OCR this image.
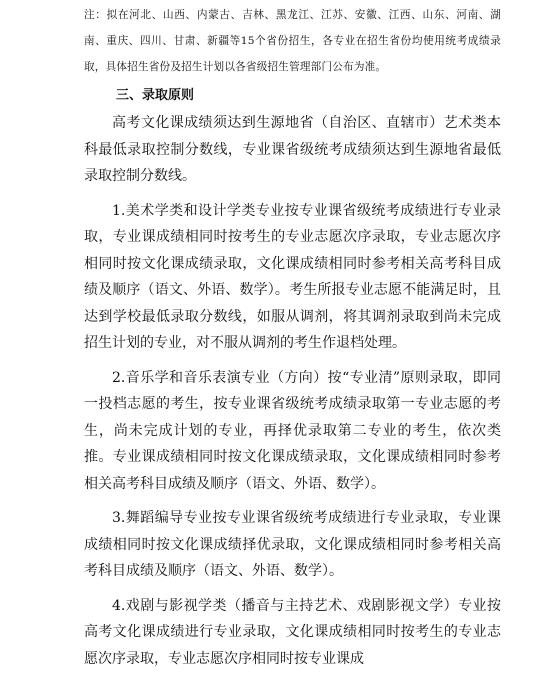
注：拟在河北、山西、内蒙古、吉林、黑龙江、江苏、安徽、江西、山东、河南、湖南、重庆、四川、甘肃、新疆等15个省份招生，各专业在招生省份均使用统考成绩录取，具体招生省份及招生计划以各省级招生管理部门公布为准。
三、录取原则

高考文化课成绩须达到生源地省（自治区、直辖市）艺术类本科最低录取控制分数线，专业课省级统考成绩须达到生源地省最低录取控制分数线。

1.美术学类和设计学类专业按专业课省级统考成绩进行专业录取，专业课成绩相同时按考生的专业志愿次序录取，专业志愿次序相同时按文化课成绩录取，文化课成绩相同时参考相关高考科目成绩及顺序（语文、外语、数学）。考生所报专业志愿不能满足时，且达到学校最低录取分数线，如服从调剂，将其调剂录取到尚未完成招生计划的专业，对不服从调剂的考生作退档处理。

2.音乐学和音乐表演专业（方向）按“专业清”原则录取，即同一投档志愿的考生，按专业课省级统考成绩录取第一专业志愿的考生，尚未完成计划的专业，再择优录取第二专业的考生，依次类推。专业课成绩相同时按文化课成绩录取，文化课成绩相同时参考相关高考科目成绩及顺序（语文、外语、数学）。

3.舞蹈编导专业按专业课省级统考成绩进行专业录取，专业课成绩相同时按文化课成绩择优录取，文化课成绩相同时参考相关高考科目成绩及顺序（语文、外语、数学）。

4.戏剧与影视学类（播音与主持艺术、戏剧影视文学）专业按高考文化课成绩进行专业录取，文化课成绩相同时按考生的专业志愿次序录取，专业志愿次序相同时按专业课成
